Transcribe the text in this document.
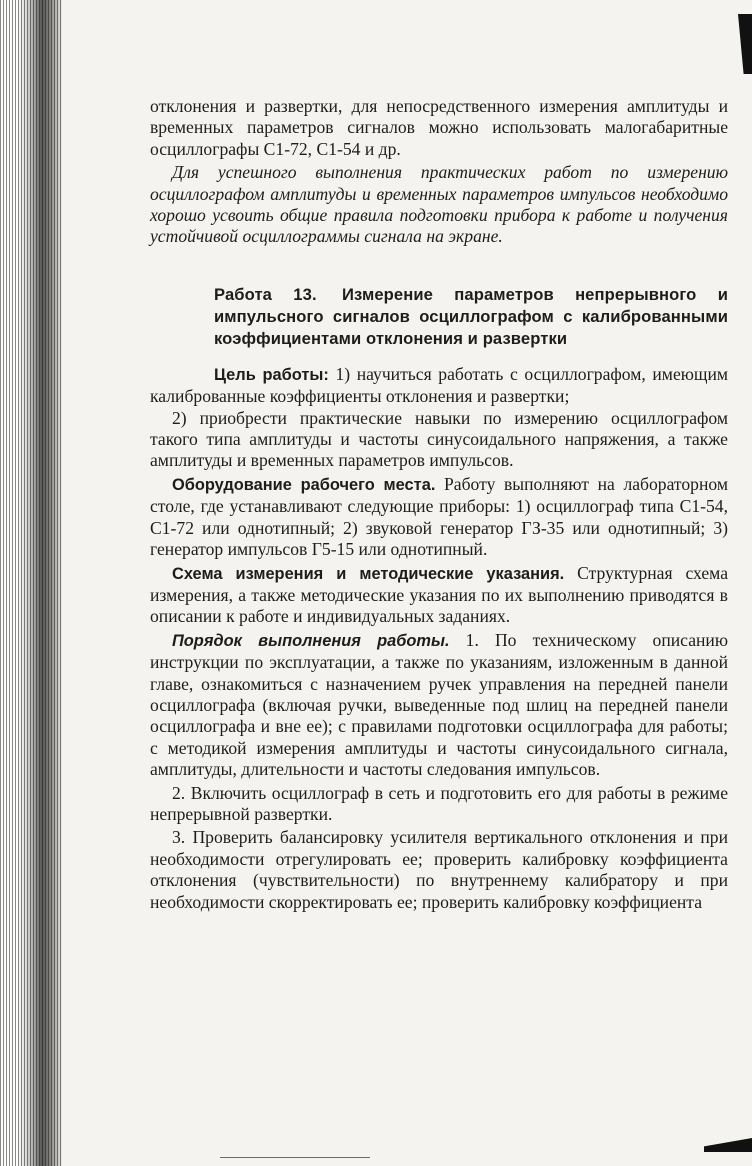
отклонения и развертки, для непосредственного измерения амплитуды и временных параметров сигналов можно использовать малогабаритные осциллографы С1-72, С1-54 и др.

Для успешного выполнения практических работ по измерению осциллографом амплитуды и временных параметров импульсов необходимо хорошо усвоить общие правила подготовки прибора к работе и получения устойчивой осциллограммы сигнала на экране.

Работа 13. Измерение параметров непрерывного и импульсного сигналов осциллографом с калиброванными коэффициентами отклонения и развертки

Цель работы: 1) научиться работать с осциллографом, имеющим калиброванные коэффициенты отклонения и развертки;

2) приобрести практические навыки по измерению осциллографом такого типа амплитуды и частоты синусоидального напряжения, а также амплитуды и временных параметров импульсов.

Оборудование рабочего места. Работу выполняют на лабораторном столе, где устанавливают следующие приборы: 1) осциллограф типа С1-54, С1-72 или однотипный; 2) звуковой генератор ГЗ-35 или однотипный; 3) генератор импульсов Г5-15 или однотипный.

Схема измерения и методические указания. Структурная схема измерения, а также методические указания по их выполнению приводятся в описании к работе и индивидуальных заданиях.

Порядок выполнения работы. 1. По техническому описанию инструкции по эксплуатации, а также по указаниям, изложенным в данной главе, ознакомиться с назначением ручек управления на передней панели осциллографа (включая ручки, выведенные под шлиц на передней панели осциллографа и вне ее); с правилами подготовки осциллографа для работы; с методикой измерения амплитуды и частоты синусоидального сигнала, амплитуды, длительности и частоты следования импульсов.

2. Включить осциллограф в сеть и подготовить его для работы в режиме непрерывной развертки.

3. Проверить балансировку усилителя вертикального отклонения и при необходимости отрегулировать ее; проверить калибровку коэффициента отклонения (чувствительности) по внутреннему калибратору и при необходимости скорректировать ее; проверить калибровку коэффициента
